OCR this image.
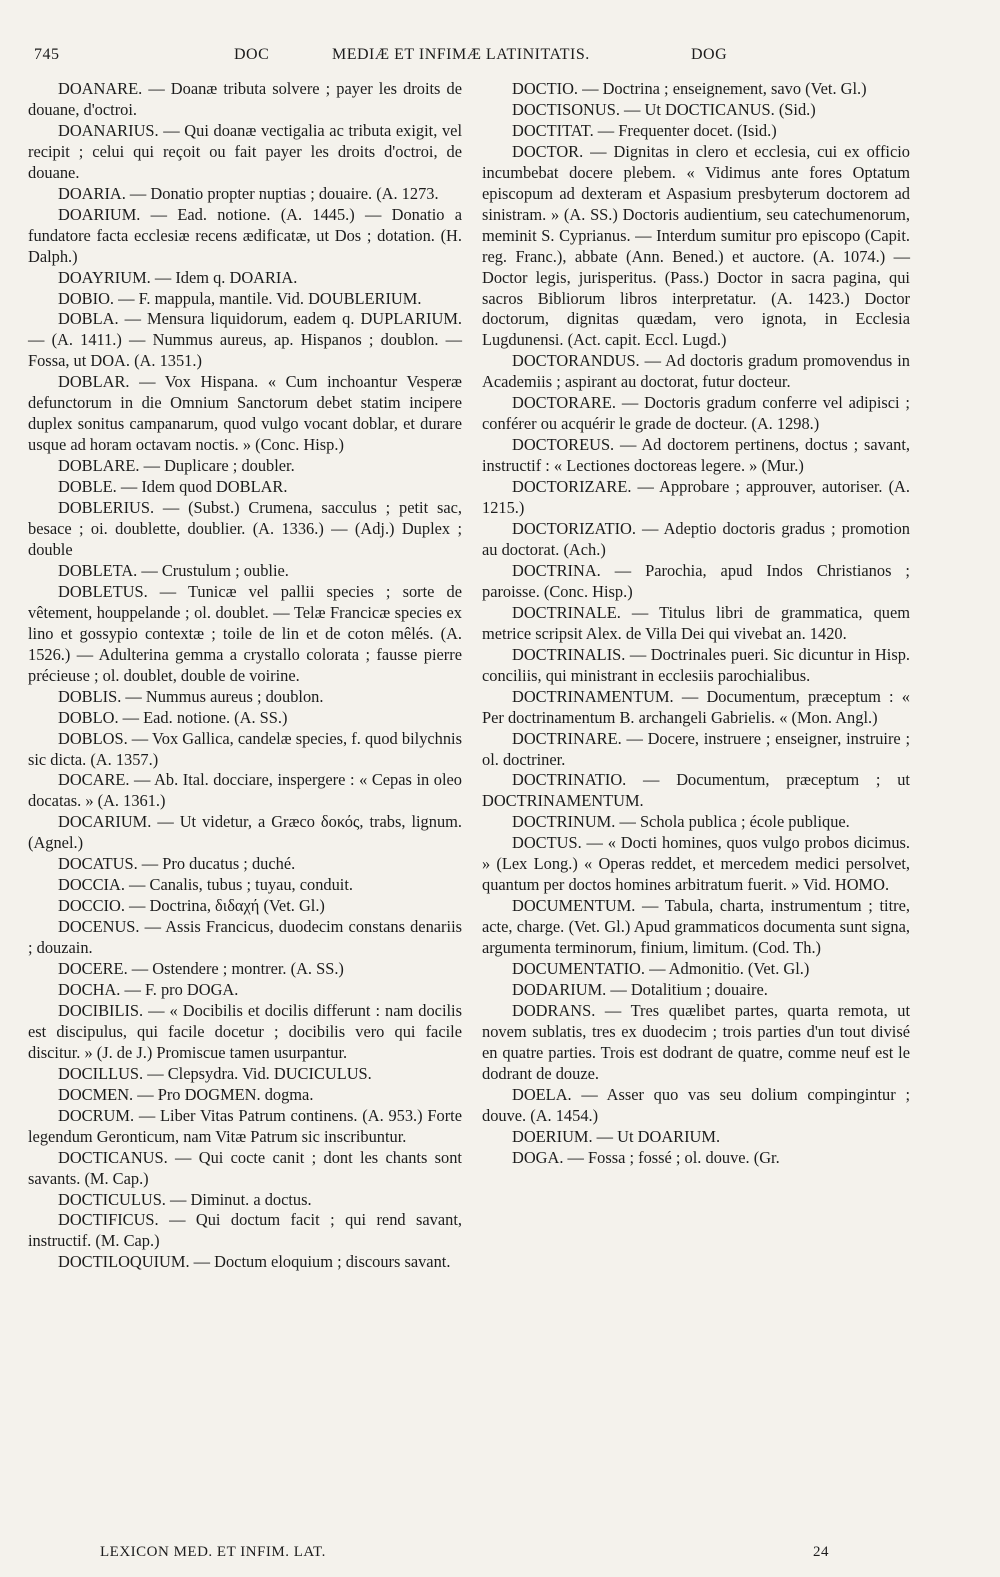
745	DOC	MEDIÆ ET INFIMÆ LATINITATIS.	DOG

DOANARE. — Doanæ tributa solvere ; payer les droits de douane, d'octroi.

DOANARIUS. — Qui doanæ vectigalia ac tributa exigit, vel recipit ; celui qui reçoit ou fait payer les droits d'octroi, de douane.

DOARIA. — Donatio propter nuptias ; douaire. (A. 1273.

DOARIUM. — Ead. notione. (A. 1445.) — Donatio a fundatore facta ecclesiæ recens ædificatæ, ut Dos ; dotation. (H. Dalph.)

DOAYRIUM. — Idem q. DOARIA.

DOBIO. — F. mappula, mantile. Vid. DOUBLERIUM.

DOBLA. — Mensura liquidorum, eadem q. DUPLARIUM. — (A. 1411.) — Nummus aureus, ap. Hispanos ; doublon. — Fossa, ut DOA. (A. 1351.)

DOBLAR. — Vox Hispana. « Cum inchoantur Vesperæ defunctorum in die Omnium Sanctorum debet statim incipere duplex sonitus campanarum, quod vulgo vocant doblar, et durare usque ad horam octavam noctis. » (Conc. Hisp.)

DOBLARE. — Duplicare ; doubler.

DOBLE. — Idem quod DOBLAR.

DOBLERIUS. — (Subst.) Crumena, sacculus ; petit sac, besace ; oi. doublette, doublier. (A. 1336.) — (Adj.) Duplex ; double

DOBLETA. — Crustulum ; oublie.

DOBLETUS. — Tunicæ vel pallii species ; sorte de vêtement, houppelande ; ol. doublet. — Telæ Francicæ species ex lino et gossypio contextæ ; toile de lin et de coton mêlés. (A. 1526.) — Adulterina gemma a crystallo colorata ; fausse pierre précieuse ; ol. doublet, double de voirine.

DOBLIS. — Nummus aureus ; doublon.

DOBLO. — Ead. notione. (A. SS.)

DOBLOS. — Vox Gallica, candelæ species, f. quod bilychnis sic dicta. (A. 1357.)

DOCARE. — Ab. Ital. docciare, inspergere : « Cepas in oleo docatas. » (A. 1361.)

DOCARIUM. — Ut videtur, a Græco δοκός, trabs, lignum. (Agnel.)

DOCATUS. — Pro ducatus ; duché.

DOCCIA. — Canalis, tubus ; tuyau, conduit.

DOCCIO. — Doctrina, διδαχή (Vet. Gl.)

DOCENUS. — Assis Francicus, duodecim constans denariis ; douzain.

DOCERE. — Ostendere ; montrer. (A. SS.)

DOCHA. — F. pro DOGA.

DOCIBILIS. — « Docibilis et docilis differunt : nam docilis est discipulus, qui facile docetur ; docibilis vero qui facile discitur. » (J. de J.) Promiscue tamen usurpantur.

DOCILLUS. — Clepsydra. Vid. DUCICULUS.

DOCMEN. — Pro DOGMEN. dogma.

DOCRUM. — Liber Vitas Patrum continens. (A. 953.) Forte legendum Geronticum, nam Vitæ Patrum sic inscribuntur.

DOCTICANUS. — Qui cocte canit ; dont les chants sont savants. (M. Cap.)

DOCTICULUS. — Diminut. a doctus.

DOCTIFICUS. — Qui doctum facit ; qui rend savant, instructif. (M. Cap.)

DOCTILOQUIUM. — Doctum eloquium ; discours savant.

DOCTIO. — Doctrina ; enseignement, savo (Vet. Gl.)

DOCTISONUS. — Ut DOCTICANUS. (Sid.)

DOCTITAT. — Frequenter docet. (Isid.)

DOCTOR. — Dignitas in clero et ecclesia, cui ex officio incumbebat docere plebem. « Vidimus ante fores Optatum episcopum ad dexteram et Aspasium presbyterum doctorem ad sinistram. » (A. SS.) Doctoris audientium, seu catechumenorum, meminit S. Cyprianus. — Interdum sumitur pro episcopo (Capit. reg. Franc.), abbate (Ann. Bened.) et auctore. (A. 1074.) — Doctor legis, jurisperitus. (Pass.) Doctor in sacra pagina, qui sacros Bibliorum libros interpretatur. (A. 1423.) Doctor doctorum, dignitas quædam, vero ignota, in Ecclesia Lugdunensi. (Act. capit. Eccl. Lugd.)

DOCTORANDUS. — Ad doctoris gradum promovendus in Academiis ; aspirant au doctorat, futur docteur.

DOCTORARE. — Doctoris gradum conferre vel adipisci ; conférer ou acquérir le grade de docteur. (A. 1298.)

DOCTOREUS. — Ad doctorem pertinens, doctus ; savant, instructif : « Lectiones doctoreas legere. » (Mur.)

DOCTORIZARE. — Approbare ; approuver, autoriser. (A. 1215.)

DOCTORIZATIO. — Adeptio doctoris gradus ; promotion au doctorat. (Ach.)

DOCTRINA. — Parochia, apud Indos Christianos ; paroisse. (Conc. Hisp.)

DOCTRINALE. — Titulus libri de grammatica, quem metrice scripsit Alex. de Villa Dei qui vivebat an. 1420.

DOCTRINALIS. — Doctrinales pueri. Sic dicuntur in Hisp. conciliis, qui ministrant in ecclesiis parochialibus.

DOCTRINAMENTUM. — Documentum, præceptum : « Per doctrinamentum B. archangeli Gabrielis. « (Mon. Angl.)

DOCTRINARE. — Docere, instruere ; enseigner, instruire ; ol. doctriner.

DOCTRINATIO. — Documentum, præceptum ; ut DOCTRINAMENTUM.

DOCTRINUM. — Schola publica ; école publique.

DOCTUS. — « Docti homines, quos vulgo probos dicimus. » (Lex Long.) « Operas reddet, et mercedem medici persolvet, quantum per doctos homines arbitratum fuerit. » Vid. HOMO.

DOCUMENTUM. — Tabula, charta, instrumentum ; titre, acte, charge. (Vet. Gl.) Apud grammaticos documenta sunt signa, argumenta terminorum, finium, limitum. (Cod. Th.)

DOCUMENTATIO. — Admonitio. (Vet. Gl.)

DODARIUM. — Dotalitium ; douaire.

DODRANS. — Tres quælibet partes, quarta remota, ut novem sublatis, tres ex duodecim ; trois parties d'un tout divisé en quatre parties. Trois est dodrant de quatre, comme neuf est le dodrant de douze.

DOELA. — Asser quo vas seu dolium compingintur ; douve. (A. 1454.)

DOERIUM. — Ut DOARIUM.

DOGA. — Fossa ; fossé ; ol. douve. (Gr.

LEXICON MED. ET INFIM. LAT.	24
